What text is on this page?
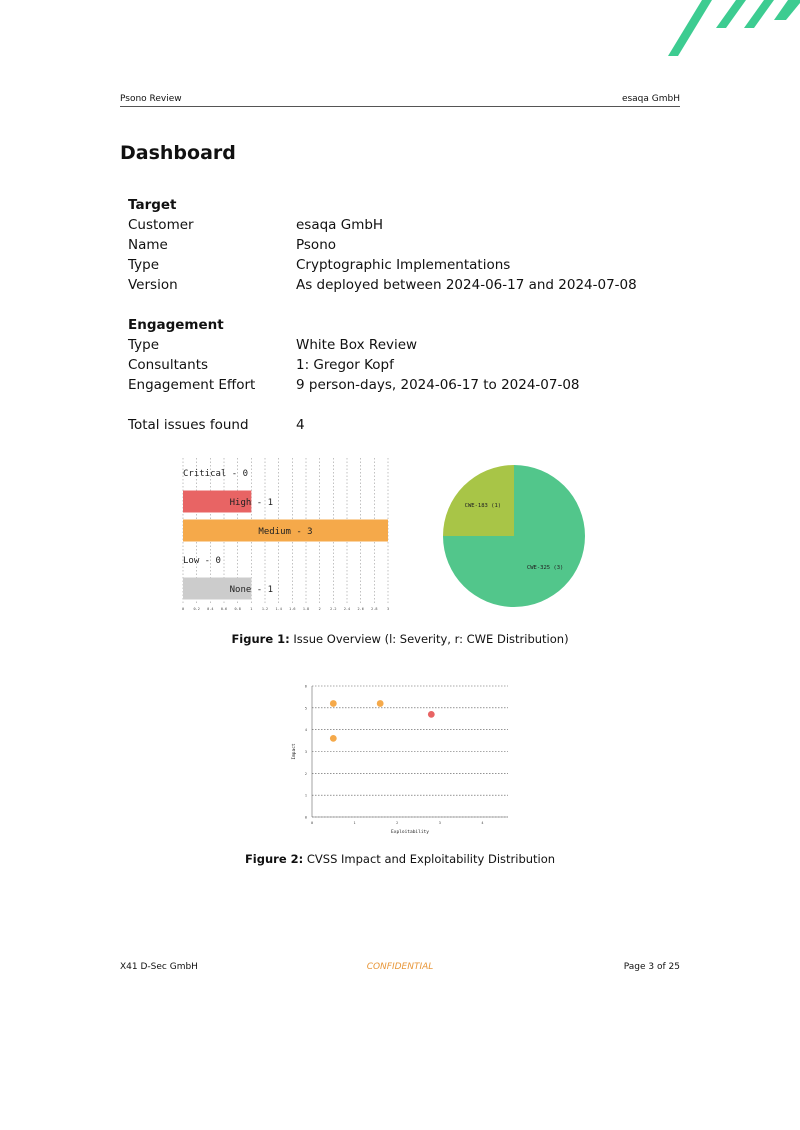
Psono Review	esaqa GmbH
Dashboard
Target
Customer	esaqa GmbH
Name	Psono
Type	Cryptographic Implementations
Version	As deployed between 2024-06-17 and 2024-07-08
Engagement
Type	White Box Review
Consultants	1: Gregor Kopf
Engagement Effort	9 person-days, 2024-06-17 to 2024-07-08
Total issues found	4
Critical - 0
High - 1
Medium - 3
Low - 0
None - 1
0	0.2 0.4 0.6 0.8	1	1.2 1.4 1.6 1.8	2	2.2 2.4 2.6 2.8	3
CWE-325 (3)
CWE-183 (1)
Figure 1: Issue Overview (l: Severity, r: CWE Distribution)
0
1
2
3
4
5
6
0	1	2	3	4
Exploitability
Impact
Figure 2: CVSS Impact and Exploitability Distribution
X41 D-Sec GmbH	CONFIDENTIAL	Page 3 of 25
